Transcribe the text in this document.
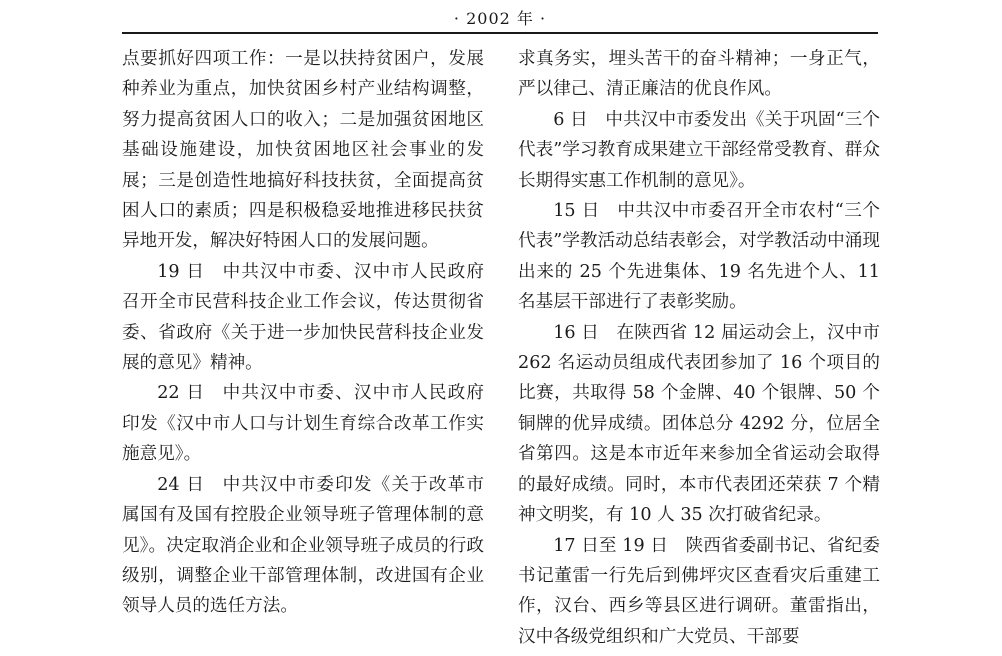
· 2002 年 ·

点要抓好四项工作：一是以扶持贫困户，发展种养业为重点，加快贫困乡村产业结构调整，努力提高贫困人口的收入；二是加强贫困地区基础设施建设，加快贫困地区社会事业的发展；三是创造性地搞好科技扶贫，全面提高贫困人口的素质；四是积极稳妥地推进移民扶贫异地开发，解决好特困人口的发展问题。

19 日 中共汉中市委、汉中市人民政府召开全市民营科技企业工作会议，传达贯彻省委、省政府《关于进一步加快民营科技企业发展的意见》精神。

22 日 中共汉中市委、汉中市人民政府印发《汉中市人口与计划生育综合改革工作实施意见》。

24 日 中共汉中市委印发《关于改革市属国有及国有控股企业领导班子管理体制的意见》。决定取消企业和企业领导班子成员的行政级别，调整企业干部管理体制，改进国有企业领导人员的选任方法。

求真务实，埋头苦干的奋斗精神；一身正气，严以律己、清正廉洁的优良作风。

6 日 中共汉中市委发出《关于巩固“三个代表”学习教育成果建立干部经常受教育、群众长期得实惠工作机制的意见》。

15 日 中共汉中市委召开全市农村“三个代表”学教活动总结表彰会，对学教活动中涌现出来的 25 个先进集体、19 名先进个人、11 名基层干部进行了表彰奖励。

16 日 在陕西省 12 届运动会上，汉中市 262 名运动员组成代表团参加了 16 个项目的比赛，共取得 58 个金牌、40 个银牌、50 个铜牌的优异成绩。团体总分 4292 分，位居全省第四。这是本市近年来参加全省运动会取得的最好成绩。同时，本市代表团还荣获 7 个精神文明奖，有 10 人 35 次打破省纪录。

17 日至 19 日 陕西省委副书记、省纪委书记董雷一行先后到佛坪灾区查看灾后重建工作，汉台、西乡等县区进行调研。董雷指出，汉中各级党组织和广大党员、干部要
